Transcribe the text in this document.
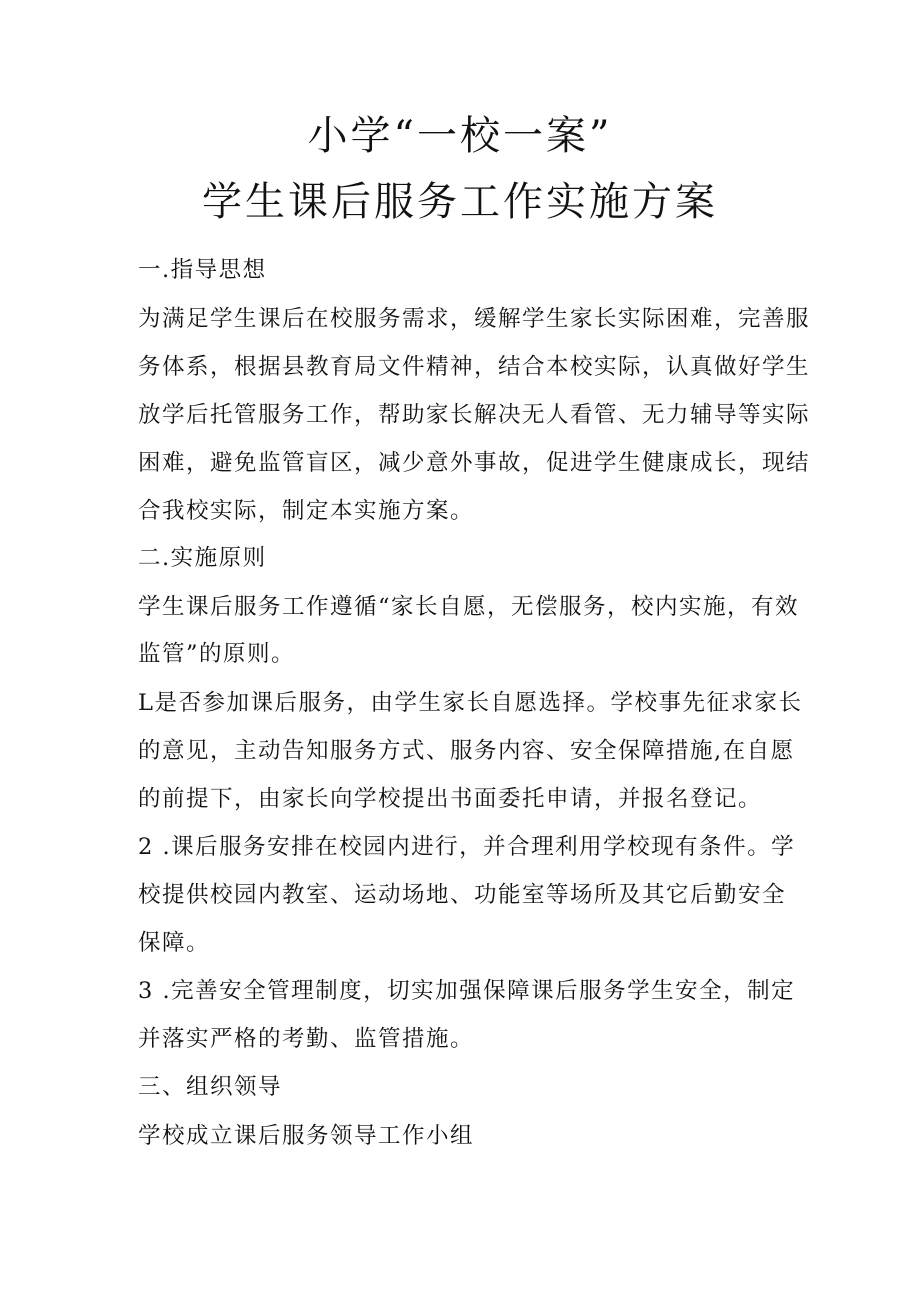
小学“一校一案”
学生课后服务工作实施方案
一.指导思想
为满足学生课后在校服务需求，缓解学生家长实际困难，完善服
务体系，根据县教育局文件精神，结合本校实际，认真做好学生
放学后托管服务工作，帮助家长解决无人看管、无力辅导等实际
困难，避免监管盲区，减少意外事故，促进学生健康成长，现结
合我校实际，制定本实施方案。
二.实施原则
学生课后服务工作遵循“家长自愿，无偿服务，校内实施，有效
监管”的原则。
L是否参加课后服务，由学生家长自愿选择。学校事先征求家长
的意见，主动告知服务方式、服务内容、安全保障措施,在自愿
的前提下，由家长向学校提出书面委托申请，并报名登记。
2 .课后服务安排在校园内进行，并合理利用学校现有条件。学
校提供校园内教室、运动场地、功能室等场所及其它后勤安全
保障。
3 .完善安全管理制度，切实加强保障课后服务学生安全，制定
并落实严格的考勤、监管措施。
三、组织领导
学校成立课后服务领导工作小组
